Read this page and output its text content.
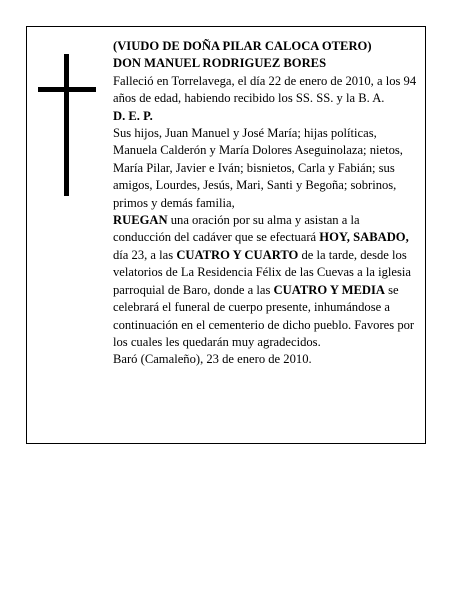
(VIUDO DE DOÑA PILAR CALOCA OTERO)

DON MANUEL RODRIGUEZ BORES

Falleció en Torrelavega, el día 22 de enero de 2010, a los 94 años de edad, habiendo recibido los SS. SS. y la B. A.

D. E. P.

Sus hijos, Juan Manuel y José María; hijas políticas, Manuela Calderón y María Dolores Aseguinolaza; nietos, María Pilar, Javier e Iván; bisnietos, Carla y Fabián; sus amigos, Lourdes, Jesús, Mari, Santi y Begoña; sobrinos, primos y demás familia,

RUEGAN una oración por su alma y asistan a la conducción del cadáver que se efectuará HOY, SABADO, día 23, a las CUATRO Y CUARTO de la tarde, desde los velatorios de La Residencia Félix de las Cuevas a la iglesia parroquial de Baro, donde a las CUATRO Y MEDIA se celebrará el funeral de cuerpo presente, inhumándose a continuación en el cementerio de dicho pueblo. Favores por los cuales les quedarán muy agradecidos.

Baró (Camaleño), 23 de enero de 2010.
